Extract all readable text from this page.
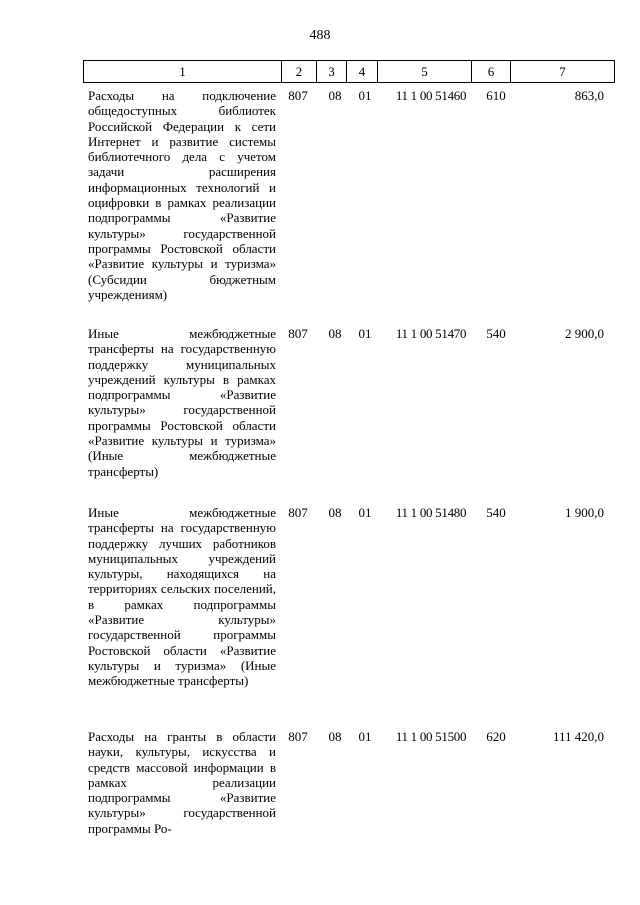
488
1	2	3	4	5	6	7
Расходы на подключение общедоступных библиотек Российской Федерации к сети Интернет и развитие системы библиотечного дела с учетом задачи расширения информационных технологий и оцифровки в рамках реализации подпрограммы «Развитие культуры» государственной программы Ростовской области «Развитие культуры и туризма» (Субсидии бюджетным учреждениям)
807	08	01	11 1 00 51460	610	863,0
Иные межбюджетные трансферты на государственную поддержку муниципальных учреждений культуры в рамках подпрограммы «Развитие культуры» государственной программы Ростовской области «Развитие культуры и туризма» (Иные межбюджетные трансферты)
807	08	01	11 1 00 51470	540	2 900,0
Иные межбюджетные трансферты на государственную поддержку лучших работников муниципальных учреждений культуры, находящихся на территориях сельских поселений, в рамках подпрограммы «Развитие культуры» государственной программы Ростовской области «Развитие культуры и туризма» (Иные межбюджетные трансферты)
807	08	01	11 1 00 51480	540	1 900,0
Расходы на гранты в области науки, культуры, искусства и средств массовой информации в рамках реализации подпрограммы «Развитие культуры» государственной программы Ро-
807	08	01	11 1 00 51500	620	111 420,0
